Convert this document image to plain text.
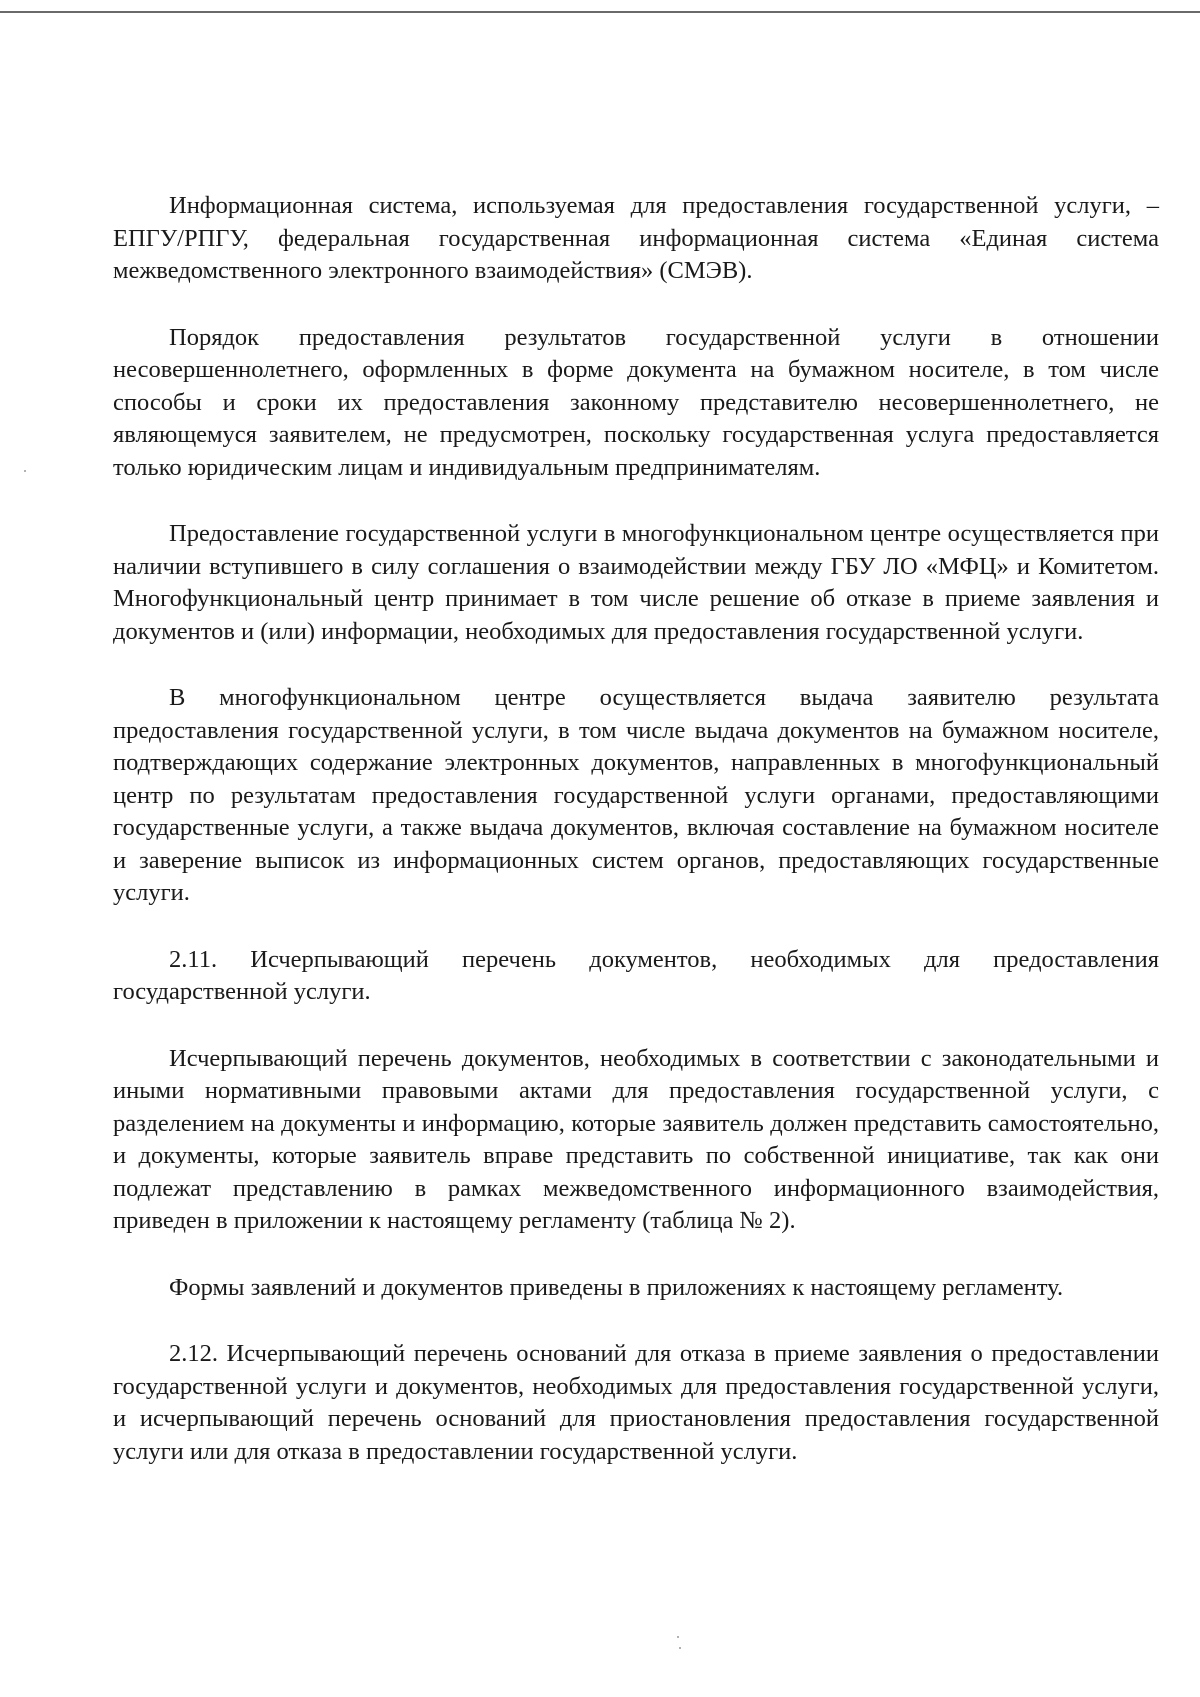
Информационная система, используемая для предоставления государственной услуги, – ЕПГУ/РПГУ, федеральная государственная информационная система «Единая система межведомственного электронного взаимодействия» (СМЭВ).

Порядок предоставления результатов государственной услуги в отношении несовершеннолетнего, оформленных в форме документа на бумажном носителе, в том числе способы и сроки их предоставления законному представителю несовершеннолетнего, не являющемуся заявителем, не предусмотрен, поскольку государственная услуга предоставляется только юридическим лицам и индивидуальным предпринимателям.

Предоставление государственной услуги в многофункциональном центре осуществляется при наличии вступившего в силу соглашения о взаимодействии между ГБУ ЛО «МФЦ» и Комитетом. Многофункциональный центр принимает в том числе решение об отказе в приеме заявления и документов и (или) информации, необходимых для предоставления государственной услуги.

В многофункциональном центре осуществляется выдача заявителю результата предоставления государственной услуги, в том числе выдача документов на бумажном носителе, подтверждающих содержание электронных документов, направленных в многофункциональный центр по результатам предоставления государственной услуги органами, предоставляющими государственные услуги, а также выдача документов, включая составление на бумажном носителе и заверение выписок из информационных систем органов, предоставляющих государственные услуги.

2.11. Исчерпывающий перечень документов, необходимых для предоставления государственной услуги.

Исчерпывающий перечень документов, необходимых в соответствии с законодательными и иными нормативными правовыми актами для предоставления государственной услуги, с разделением на документы и информацию, которые заявитель должен представить самостоятельно, и документы, которые заявитель вправе представить по собственной инициативе, так как они подлежат представлению в рамках межведомственного информационного взаимодействия, приведен в приложении к настоящему регламенту (таблица № 2).

Формы заявлений и документов приведены в приложениях к настоящему регламенту.

2.12. Исчерпывающий перечень оснований для отказа в приеме заявления о предоставлении государственной услуги и документов, необходимых для предоставления государственной услуги, и исчерпывающий перечень оснований для приостановления предоставления государственной услуги или для отказа в предоставлении государственной услуги.
